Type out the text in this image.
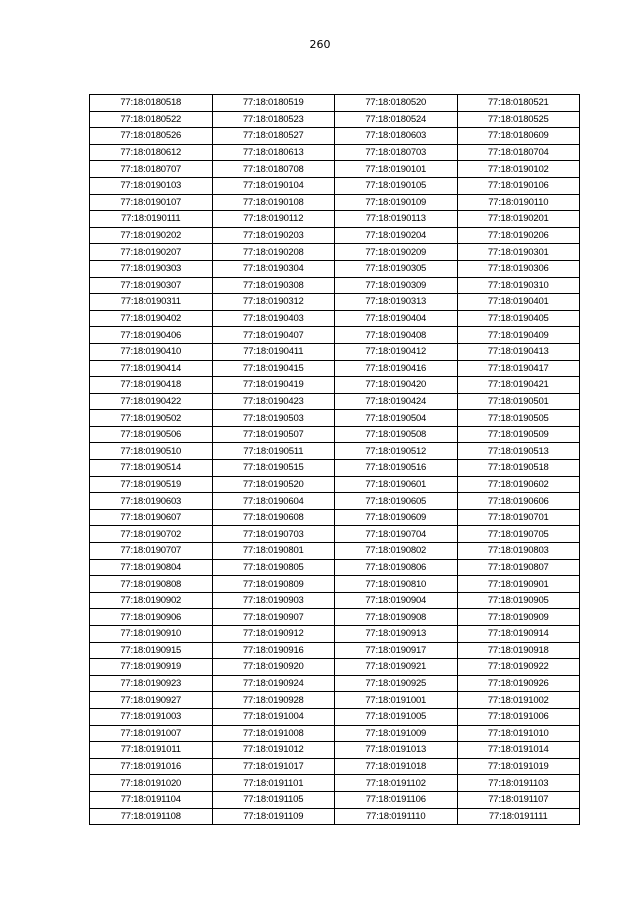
260
77:18:0180518	77:18:0180519	77:18:0180520	77:18:0180521
77:18:0180522	77:18:0180523	77:18:0180524	77:18:0180525
77:18:0180526	77:18:0180527	77:18:0180603	77:18:0180609
77:18:0180612	77:18:0180613	77:18:0180703	77:18:0180704
77:18:0180707	77:18:0180708	77:18:0190101	77:18:0190102
77:18:0190103	77:18:0190104	77:18:0190105	77:18:0190106
77:18:0190107	77:18:0190108	77:18:0190109	77:18:0190110
77:18:0190111	77:18:0190112	77:18:0190113	77:18:0190201
77:18:0190202	77:18:0190203	77:18:0190204	77:18:0190206
77:18:0190207	77:18:0190208	77:18:0190209	77:18:0190301
77:18:0190303	77:18:0190304	77:18:0190305	77:18:0190306
77:18:0190307	77:18:0190308	77:18:0190309	77:18:0190310
77:18:0190311	77:18:0190312	77:18:0190313	77:18:0190401
77:18:0190402	77:18:0190403	77:18:0190404	77:18:0190405
77:18:0190406	77:18:0190407	77:18:0190408	77:18:0190409
77:18:0190410	77:18:0190411	77:18:0190412	77:18:0190413
77:18:0190414	77:18:0190415	77:18:0190416	77:18:0190417
77:18:0190418	77:18:0190419	77:18:0190420	77:18:0190421
77:18:0190422	77:18:0190423	77:18:0190424	77:18:0190501
77:18:0190502	77:18:0190503	77:18:0190504	77:18:0190505
77:18:0190506	77:18:0190507	77:18:0190508	77:18:0190509
77:18:0190510	77:18:0190511	77:18:0190512	77:18:0190513
77:18:0190514	77:18:0190515	77:18:0190516	77:18:0190518
77:18:0190519	77:18:0190520	77:18:0190601	77:18:0190602
77:18:0190603	77:18:0190604	77:18:0190605	77:18:0190606
77:18:0190607	77:18:0190608	77:18:0190609	77:18:0190701
77:18:0190702	77:18:0190703	77:18:0190704	77:18:0190705
77:18:0190707	77:18:0190801	77:18:0190802	77:18:0190803
77:18:0190804	77:18:0190805	77:18:0190806	77:18:0190807
77:18:0190808	77:18:0190809	77:18:0190810	77:18:0190901
77:18:0190902	77:18:0190903	77:18:0190904	77:18:0190905
77:18:0190906	77:18:0190907	77:18:0190908	77:18:0190909
77:18:0190910	77:18:0190912	77:18:0190913	77:18:0190914
77:18:0190915	77:18:0190916	77:18:0190917	77:18:0190918
77:18:0190919	77:18:0190920	77:18:0190921	77:18:0190922
77:18:0190923	77:18:0190924	77:18:0190925	77:18:0190926
77:18:0190927	77:18:0190928	77:18:0191001	77:18:0191002
77:18:0191003	77:18:0191004	77:18:0191005	77:18:0191006
77:18:0191007	77:18:0191008	77:18:0191009	77:18:0191010
77:18:0191011	77:18:0191012	77:18:0191013	77:18:0191014
77:18:0191016	77:18:0191017	77:18:0191018	77:18:0191019
77:18:0191020	77:18:0191101	77:18:0191102	77:18:0191103
77:18:0191104	77:18:0191105	77:18:0191106	77:18:0191107
77:18:0191108	77:18:0191109	77:18:0191110	77:18:0191111
